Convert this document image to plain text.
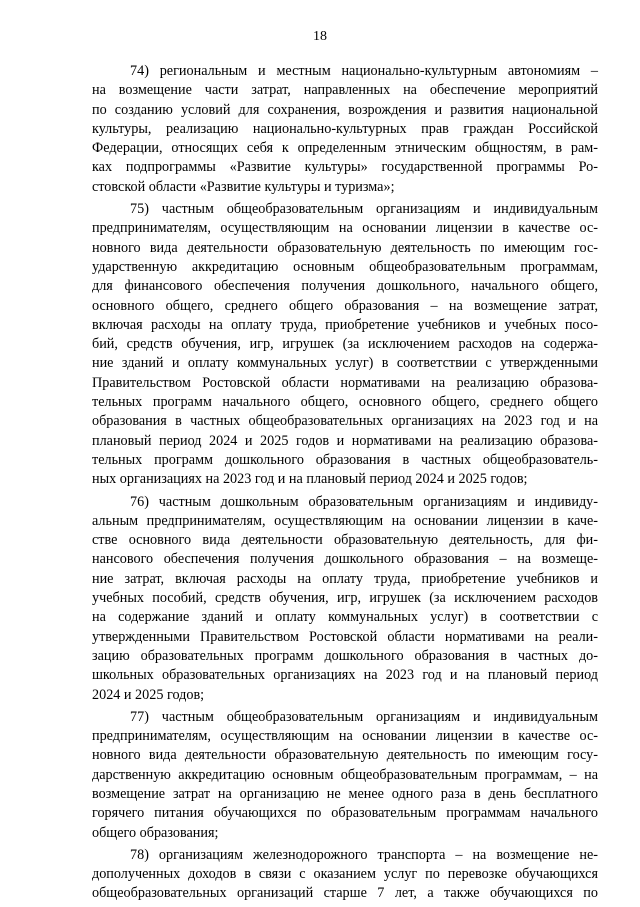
18
74) региональным и местным национально-культурным автономиям –
на возмещение части затрат, направленных на обеспечение мероприятий
по созданию условий для сохранения, возрождения и развития национальной
культуры, реализацию национально-культурных прав граждан Российской
Федерации, относящих себя к определенным этническим общностям, в рам-
ках подпрограммы «Развитие культуры» государственной программы Ро-
стовской области «Развитие культуры и туризма»;
75) частным общеобразовательным организациям и индивидуальным
предпринимателям, осуществляющим на основании лицензии в качестве ос-
новного вида деятельности образовательную деятельность по имеющим гос-
ударственную аккредитацию основным общеобразовательным программам,
для финансового обеспечения получения дошкольного, начального общего,
основного общего, среднего общего образования – на возмещение затрат,
включая расходы на оплату труда, приобретение учебников и учебных посо-
бий, средств обучения, игр, игрушек (за исключением расходов на содержа-
ние зданий и оплату коммунальных услуг) в соответствии с утвержденными
Правительством Ростовской области нормативами на реализацию образова-
тельных программ начального общего, основного общего, среднего общего
образования в частных общеобразовательных организациях на 2023 год и на
плановый период 2024 и 2025 годов и нормативами на реализацию образова-
тельных программ дошкольного образования в частных общеобразователь-
ных организациях на 2023 год и на плановый период 2024 и 2025 годов;
76) частным дошкольным образовательным организациям и индивиду-
альным предпринимателям, осуществляющим на основании лицензии в каче-
стве основного вида деятельности образовательную деятельность, для фи-
нансового обеспечения получения дошкольного образования – на возмеще-
ние затрат, включая расходы на оплату труда, приобретение учебников и
учебных пособий, средств обучения, игр, игрушек (за исключением расходов
на содержание зданий и оплату коммунальных услуг) в соответствии с
утвержденными Правительством Ростовской области нормативами на реали-
зацию образовательных программ дошкольного образования в частных до-
школьных образовательных организациях на 2023 год и на плановый период
2024 и 2025 годов;
77) частным общеобразовательным организациям и индивидуальным
предпринимателям, осуществляющим на основании лицензии в качестве ос-
новного вида деятельности образовательную деятельность по имеющим госу-
дарственную аккредитацию основным общеобразовательным программам, – на
возмещение затрат на организацию не менее одного раза в день бесплатного
горячего питания обучающихся по образовательным программам начального
общего образования;
78) организациям железнодорожного транспорта – на возмещение не-
дополученных доходов в связи с оказанием услуг по перевозке обучающихся
общеобразовательных организаций старше 7 лет, а также обучающихся по
